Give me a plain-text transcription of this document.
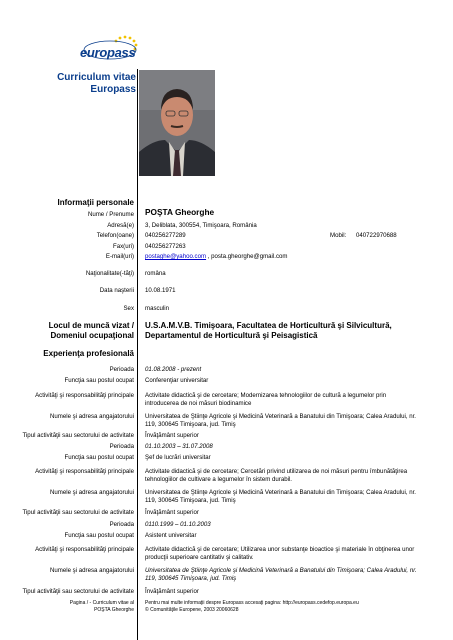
europass
Curriculum vitae
Europass
Informaţii personale
Nume / Prenume POŞTA Gheorghe
Adresă(e) 3, Deliblata, 300554, Timişoara, România
Telefon(oane) 040256277289	Mobil: 040722970688
Fax(uri) 040256277263
E-mail(uri) postaghe@yahoo.com , posta.gheorghe@gmail.com
Naţionalitate(-tăţi) româna
Data naşterii 10.08.1971
Sex masculin
Locul de muncă vizat /
Domeniul ocupaţional
U.S.A.M.V.B. Timişoara, Facultatea de Horticultură şi Silvicultură,
Departamentul de Horticultură şi Peisagistică
Experienţa profesională
Perioada 01.08.2008 - prezent
Funcţia sau postul ocupat Conferenţiar universitar
Activităţi şi responsabilităţi principale Activitate didactică şi de cercetare; Modernizarea tehnologiilor de cultură a legumelor prin
introducerea de noi măsuri biodinamice
Numele şi adresa angajatorului Universitatea de Ştiinţe Agricole şi Medicină Veterinară a Banatului din Timişoara; Calea Aradului, nr.
119, 300645 Timişoara, jud. Timiş
Tipul activităţii sau sectorului de activitate Învăţământ superior
Perioada 01.10.2003 – 31.07.2008
Funcţia sau postul ocupat Şef de lucrări universitar
Activităţi şi responsabilităţi principale Activitate didactică şi de cercetare; Cercetări privind utilizarea de noi măsuri pentru îmbunătăţirea
tehnologiilor de cultivare a legumelor în sistem durabil.
Numele şi adresa angajatorului Universitatea de Ştiinţe Agricole şi Medicină Veterinară a Banatului din Timişoara; Calea Aradului, nr.
119, 300645 Timişoara, jud. Timiş
Tipul activităţii sau sectorului de activitate Învăţământ superior
Perioada 0110.1999 – 01.10.2003
Funcţia sau postul ocupat Asistent universitar
Activităţi şi responsabilităţi principale Activitate didactică şi de cercetare; Utilizarea unor substanţe bioactice şi materiale în obţinerea unor
producţii superioare cantitativ şi calitativ.
Numele şi adresa angajatorului Universitatea de Ştiinţe Agricole şi Medicină Veterinară a Banatului din Timişoara; Calea Aradului, nr.
119, 300645 Timişoara, jud. Timiş
Tipul activităţii sau sectorului de activitate Învăţământ superior
Pagina / - Curriculum vitae al
POŞTA Gheorghe
Pentru mai multe informaţii despre Europass accesaţi pagina: http://europass.cedefop.europa.eu
© Comunităţile Europene, 2003 20060628
